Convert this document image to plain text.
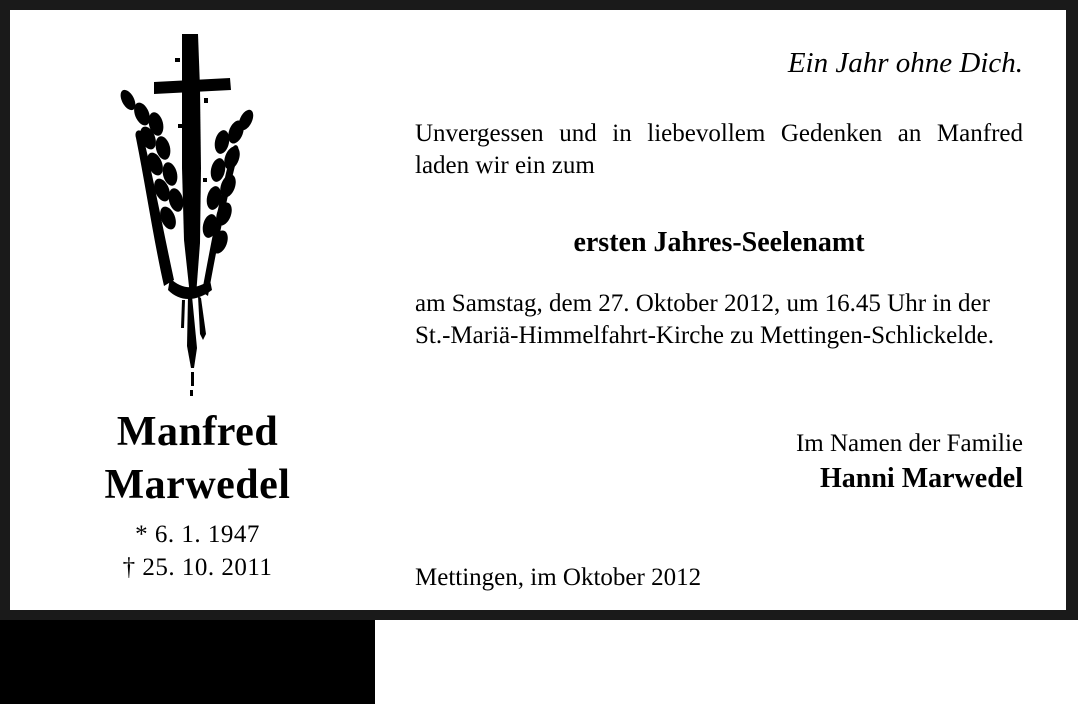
Manfred
Marwedel
* 6. 1. 1947
† 25. 10. 2011
Ein Jahr ohne Dich.
Unvergessen und in liebevollem Gedenken an Manfred laden wir ein zum
ersten Jahres-Seelenamt
am Samstag, dem 27. Oktober 2012, um 16.45 Uhr in der St.-Mariä-Himmelfahrt-Kirche zu Mettingen-Schlickelde.
Im Namen der Familie
Hanni Marwedel
Mettingen, im Oktober 2012
